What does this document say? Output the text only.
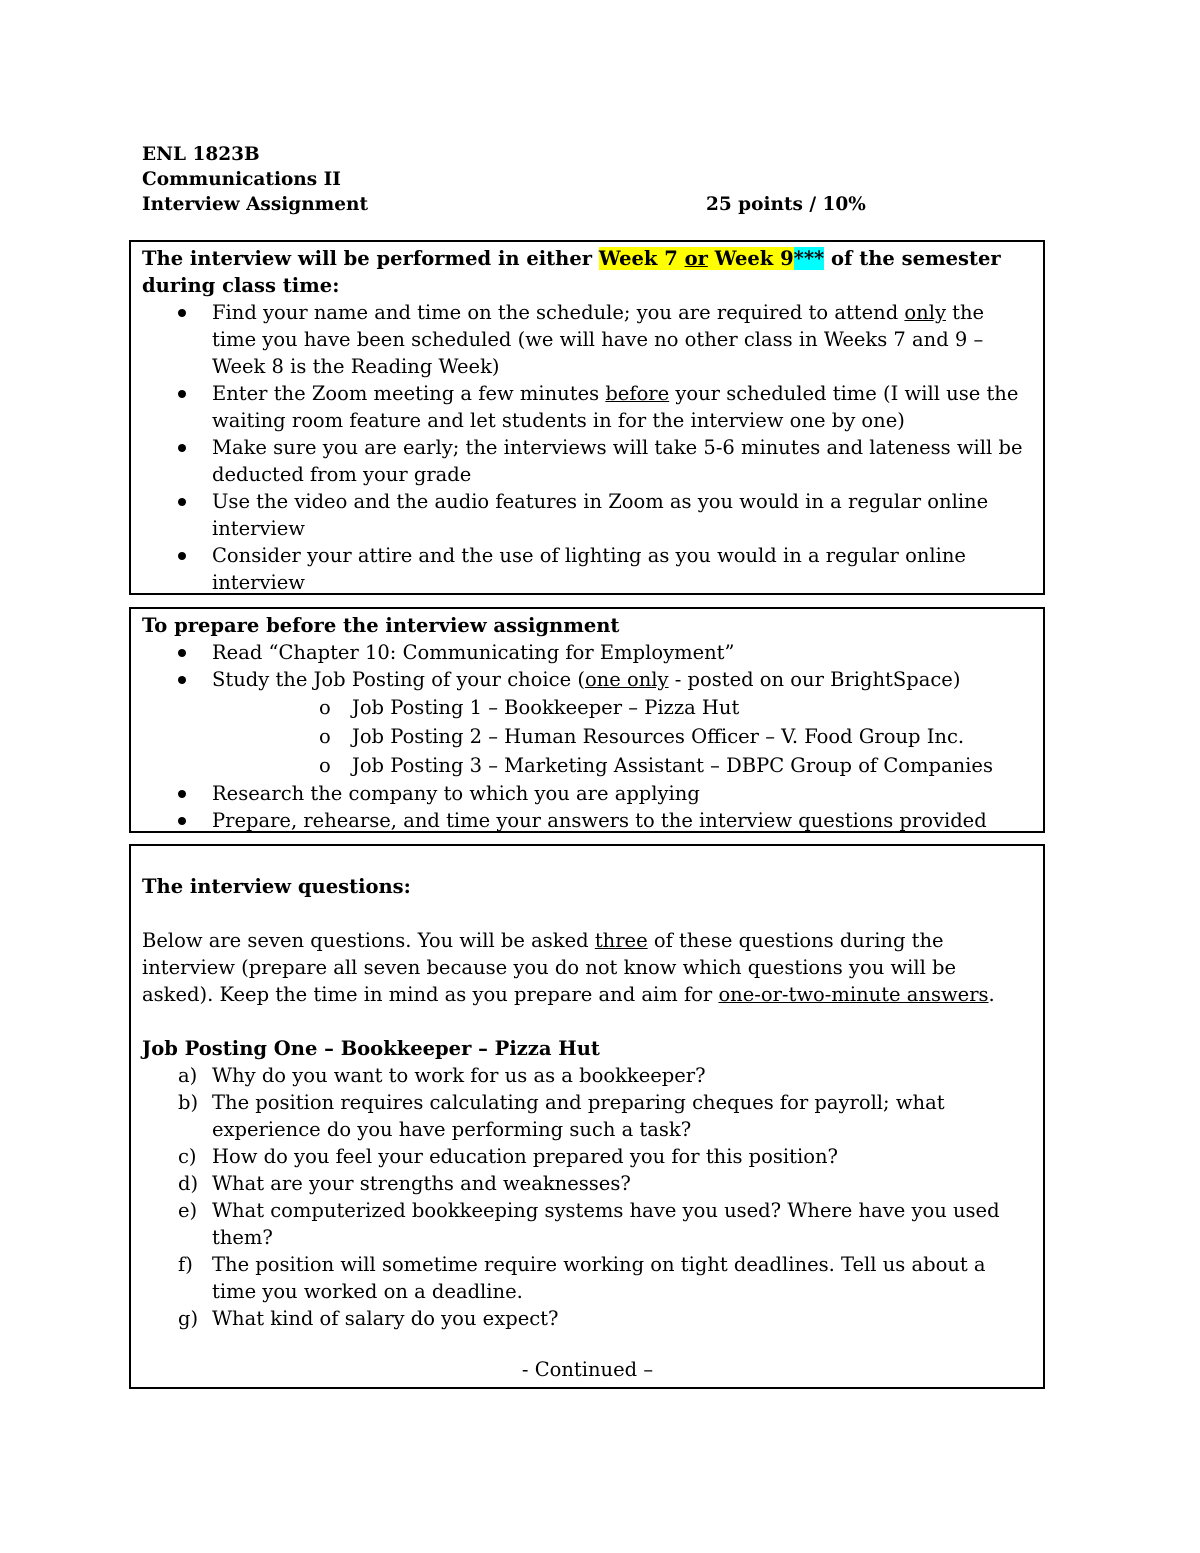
ENL 1823B
Communications II
Interview Assignment	25 points / 10%
The interview will be performed in either Week 7 or Week 9*** of the semester during class time:
Find your name and time on the schedule; you are required to attend only the time you have been scheduled (we will have no other class in Weeks 7 and 9 – Week 8 is the Reading Week)
Enter the Zoom meeting a few minutes before your scheduled time (I will use the waiting room feature and let students in for the interview one by one)
Make sure you are early; the interviews will take 5-6 minutes and lateness will be deducted from your grade
Use the video and the audio features in Zoom as you would in a regular online interview
Consider your attire and the use of lighting as you would in a regular online interview
To prepare before the interview assignment
Read “Chapter 10: Communicating for Employment”
Study the Job Posting of your choice (one only - posted on our BrightSpace)
o Job Posting 1 – Bookkeeper – Pizza Hut
o Job Posting 2 – Human Resources Officer – V. Food Group Inc.
o Job Posting 3 – Marketing Assistant – DBPC Group of Companies
Research the company to which you are applying
Prepare, rehearse, and time your answers to the interview questions provided
The interview questions:
Below are seven questions. You will be asked three of these questions during the interview (prepare all seven because you do not know which questions you will be asked). Keep the time in mind as you prepare and aim for one-or-two-minute answers.
Job Posting One – Bookkeeper – Pizza Hut
a) Why do you want to work for us as a bookkeeper?
b) The position requires calculating and preparing cheques for payroll; what experience do you have performing such a task?
c) How do you feel your education prepared you for this position?
d) What are your strengths and weaknesses?
e) What computerized bookkeeping systems have you used? Where have you used them?
f) The position will sometime require working on tight deadlines. Tell us about a time you worked on a deadline.
g) What kind of salary do you expect?
- Continued –
